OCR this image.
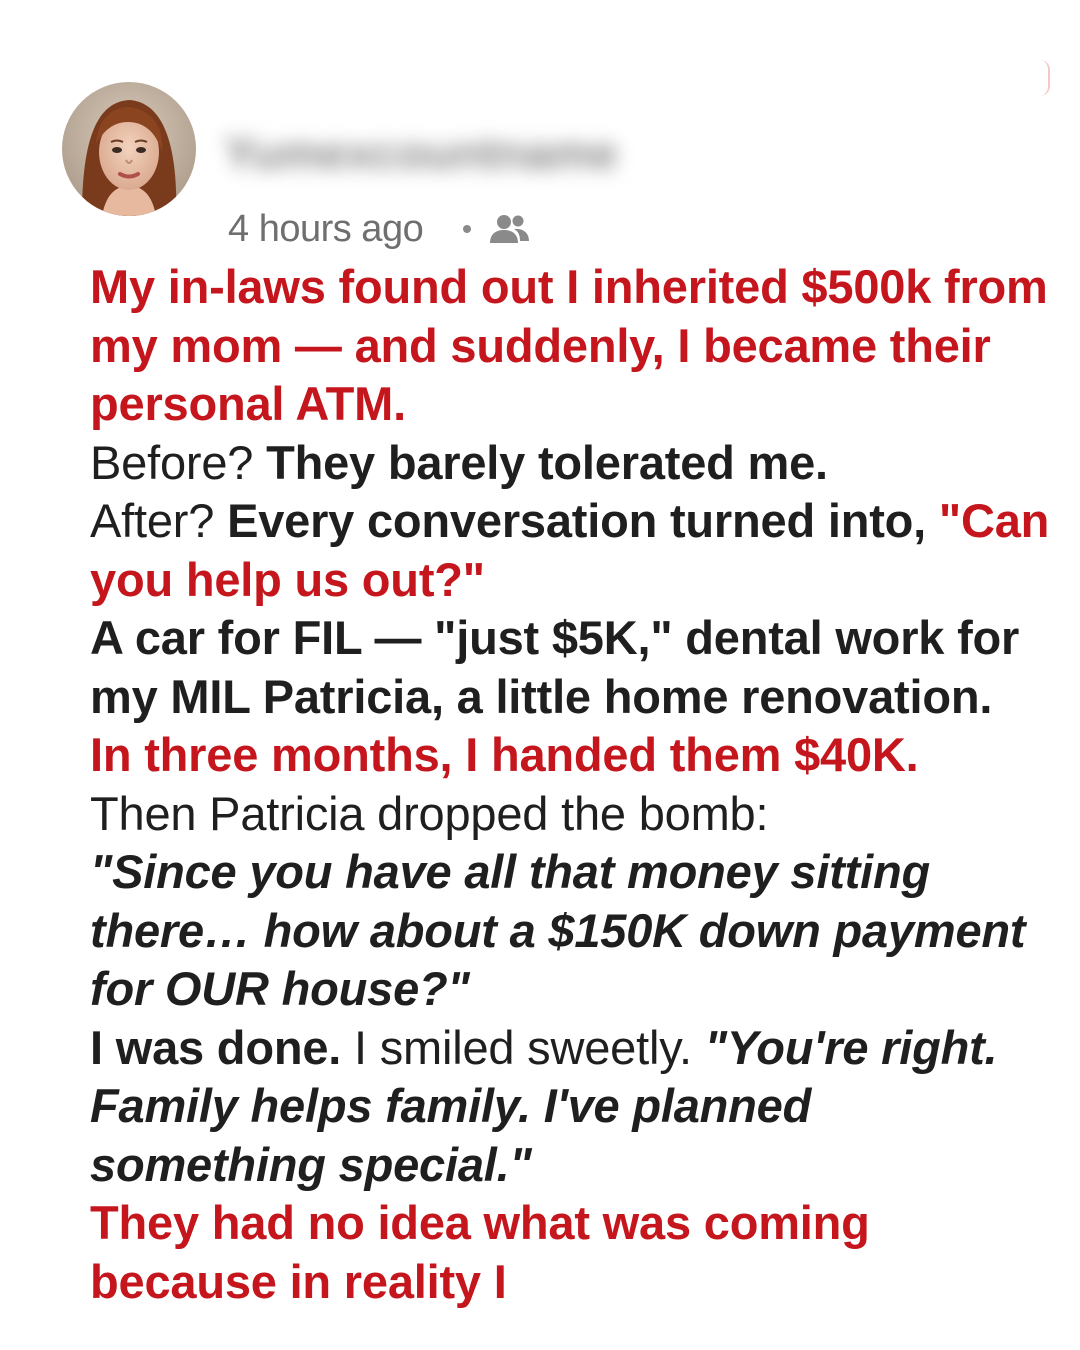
Yumexcountname
4 hours ago

My in-laws found out I inherited $500k from my mom — and suddenly, I became their personal ATM.

Before? They barely tolerated me.

After? Every conversation turned into, "Can you help us out?"

A car for FIL — "just $5K," dental work for my MIL Patricia, a little home renovation.

In three months, I handed them $40K.

Then Patricia dropped the bomb:

"Since you have all that money sitting there… how about a $150K down payment for OUR house?"

I was done. I smiled sweetly. "You're right. Family helps family. I've planned something special."

They had no idea what was coming because in reality I
